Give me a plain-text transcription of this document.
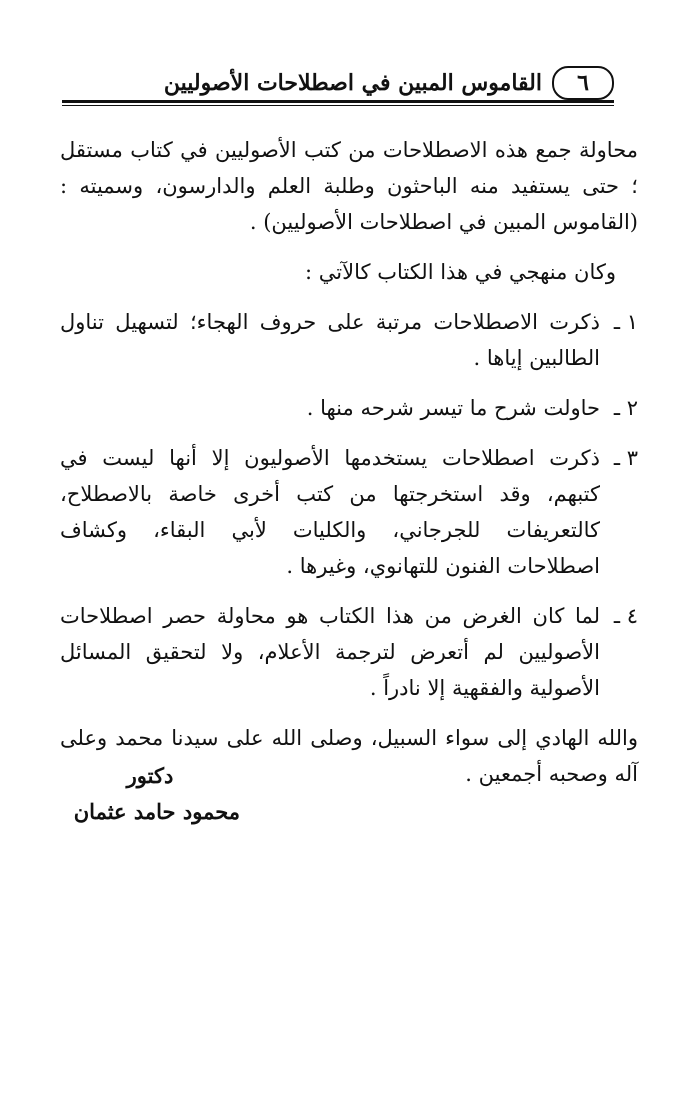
٦
القاموس المبين في اصطلاحات الأصوليين

محاولة جمع هذه الاصطلاحات من كتب الأصوليين في كتاب مستقل ؛ حتى يستفيد منه الباحثون وطلبة العلم والدارسون، وسميته : (القاموس المبين في اصطلاحات الأصوليين) .

وكان منهجي في هذا الكتاب كالآتي :

١ ـ
ذكرت الاصطلاحات مرتبة على حروف الهجاء؛ لتسهيل تناول الطالبين إياها .
٢ ـ
حاولت شرح ما تيسر شرحه منها .
٣ ـ
ذكرت اصطلاحات يستخدمها الأصوليون إلا أنها ليست في كتبهم، وقد استخرجتها من كتب أخرى خاصة بالاصطلاح، كالتعريفات للجرجاني، والكليات لأبي البقاء، وكشاف اصطلاحات الفنون للتهانوي، وغيرها .
٤ ـ
لما كان الغرض من هذا الكتاب هو محاولة حصر اصطلاحات الأصوليين لم أتعرض لترجمة الأعلام، ولا لتحقيق المسائل الأصولية والفقهية إلا نادراً .

والله الهادي إلى سواء السبيل، وصلى الله على سيدنا محمد وعلى آله وصحبه أجمعين .

دكتور
محمود حامد عثمان
